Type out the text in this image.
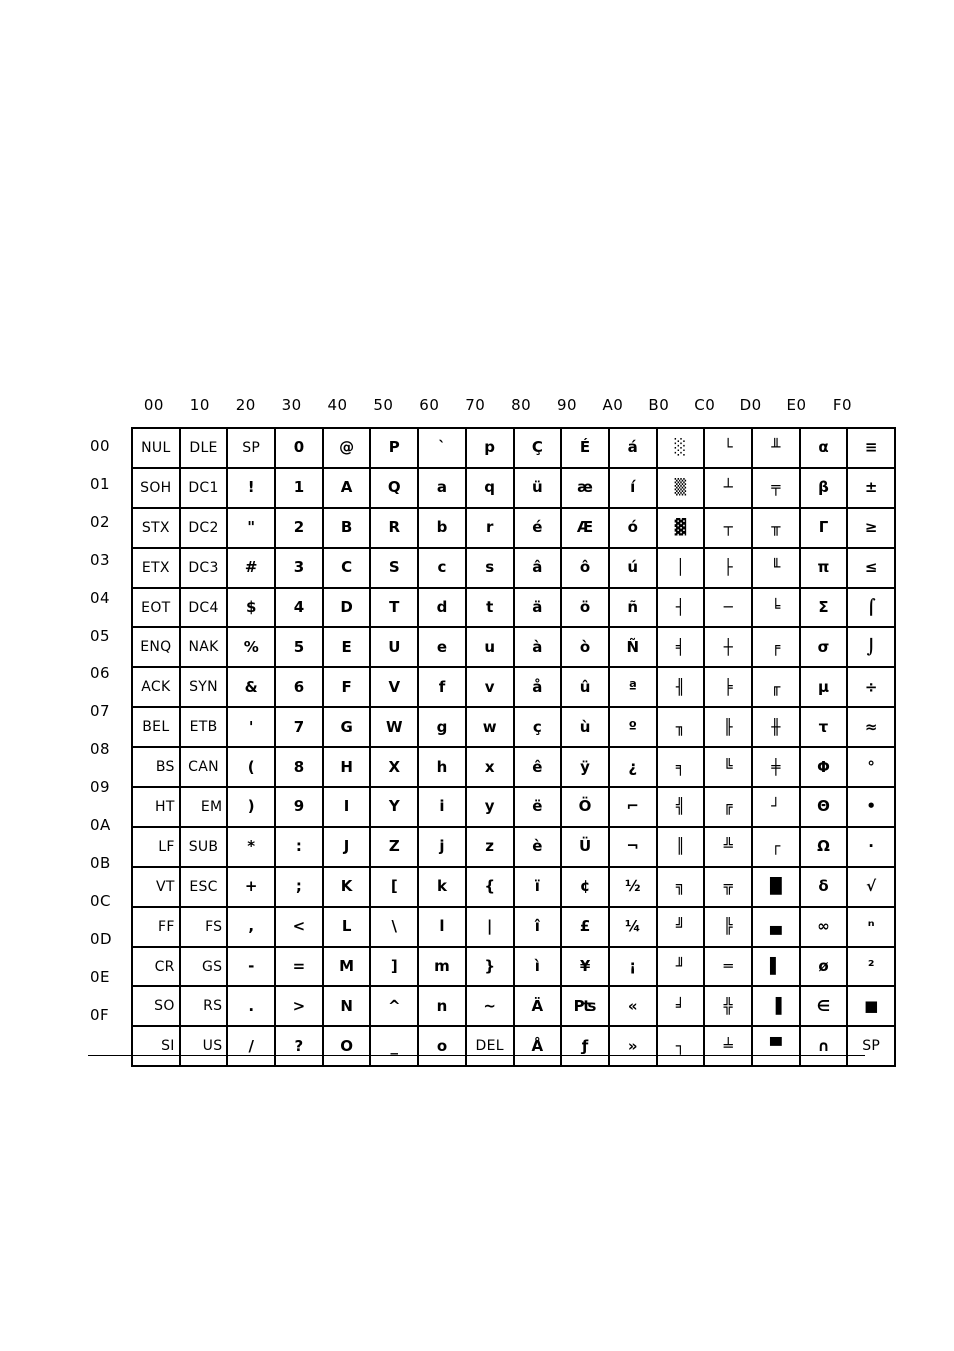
00	10	20	30	40	50	60	70	80	90	A0	B0	C0	D0	E0	F0
00
01
02
03
04
05
06
07
08
09
0A
0B
0C
0D
0E
0F
NUL	DLE	SP	0	@	P	`	p	Ç	É	á	░	└	╨	α	≡
SOH	DC1	!	1	A	Q	a	q	ü	æ	í	▒	┴	╤	β	±
STX	DC2	"	2	B	R	b	r	é	Æ	ó	▓	┬	╥	Γ	≥
ETX	DC3	#	3	C	S	c	s	â	ô	ú	│	├	╙	π	≤
EOT	DC4	$	4	D	T	d	t	ä	ö	ñ	┤	─	╘	Σ	⌠
ENQ	NAK	%	5	E	U	e	u	à	ò	Ñ	╡	┼	╒	σ	⌡
ACK	SYN	&	6	F	V	f	v	å	û	ª	╢	╞	╓	µ	÷
BEL	ETB	'	7	G	W	g	w	ç	ù	º	╖	╟	╫	τ	≈
BS	CAN	(	8	H	X	h	x	ê	ÿ	¿	╕	╚	╪	Φ	°
HT	EM	)	9	I	Y	i	y	ë	Ö	⌐	╣	╔	┘	Θ	•
LF	SUB	*	:	J	Z	j	z	è	Ü	¬	║	╩	┌	Ω	·
VT	ESC	+	;	K	[	k	{	ï	¢	½	╗	╦	█	δ	√
FF	FS	,	<	L	\	l	|	î	£	¼	╝	╠	▄	∞	ⁿ
CR	GS	-	=	M	]	m	}	ì	¥	¡	╜	═	▌	ø	²
SO	RS	.	>	N	^	n	~	Ä	₧	«	╛	╬	▐	∈	■
SI	US	/	?	O	_	o	DEL	Å	ƒ	»	┐	╧	▀	∩	SP
